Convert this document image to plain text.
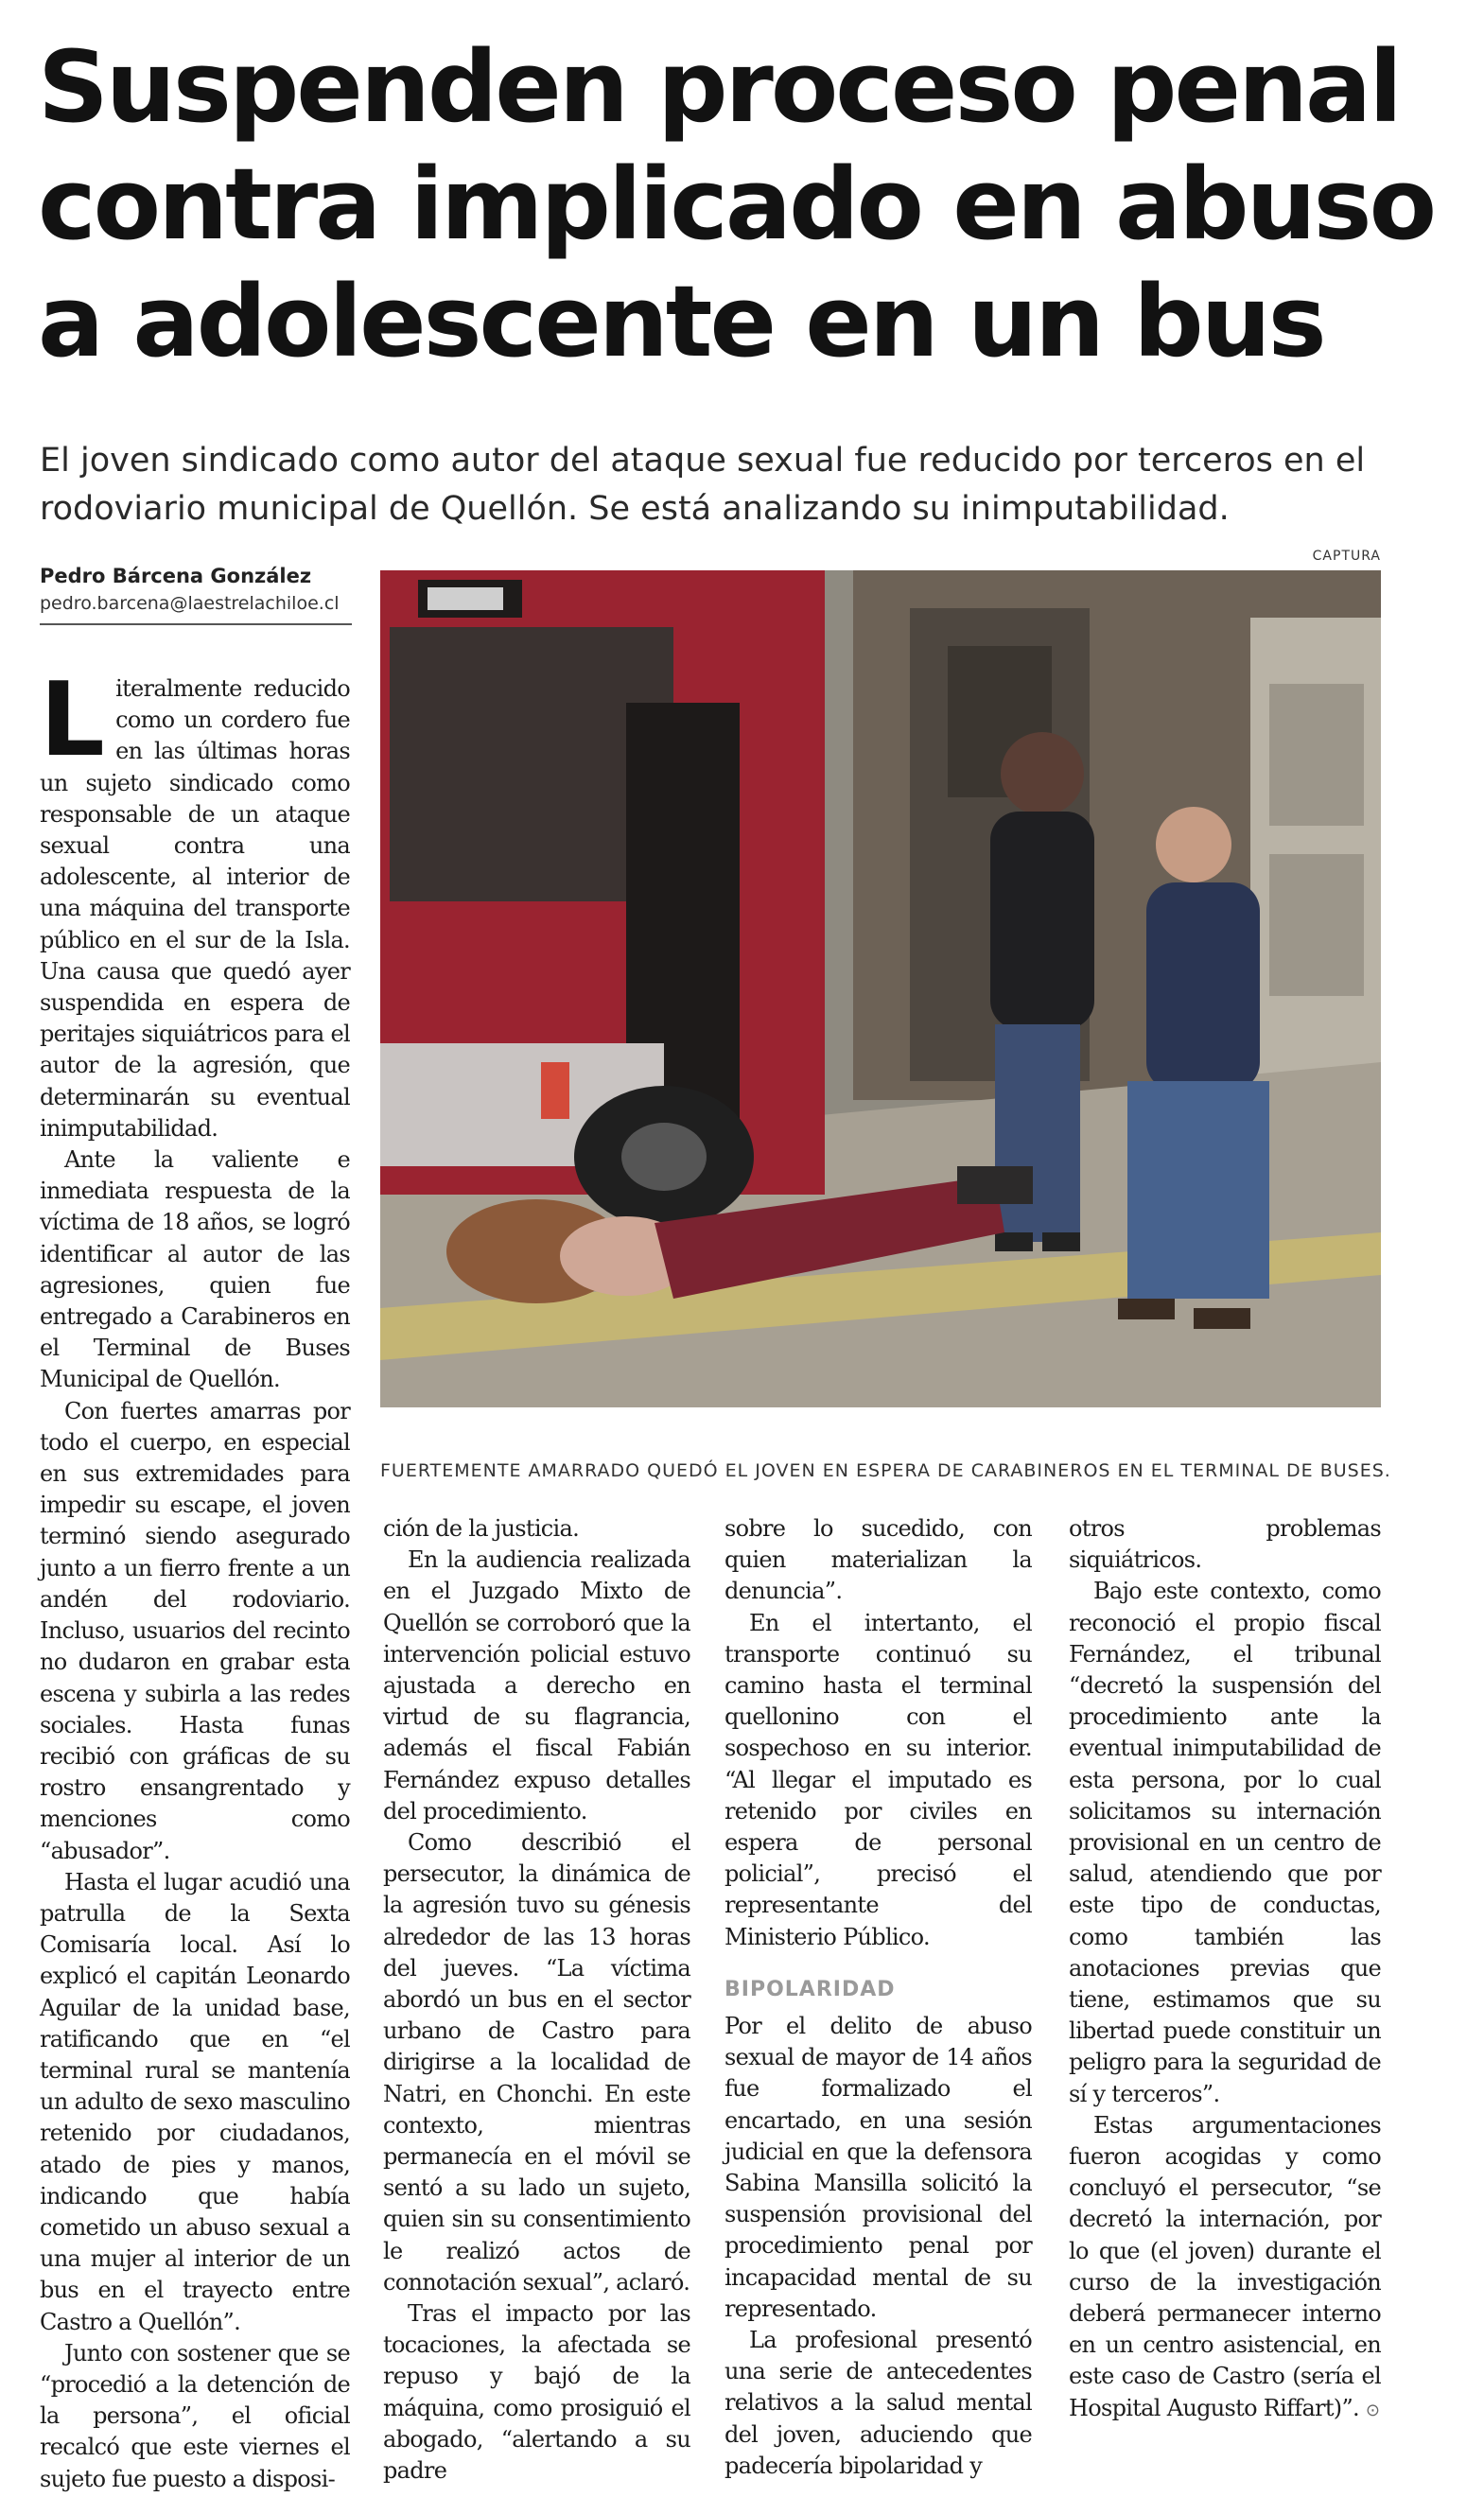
Suspenden proceso penal
contra implicado en abuso
a adolescente en un bus
El joven sindicado como autor del ataque sexual fue reducido por terceros en el rodoviario municipal de Quellón. Se está analizando su inimputabilidad.
Pedro Bárcena González
pedro.barcena@laestrelachiloe.cl
CAPTURA
FUERTEMENTE AMARRADO QUEDÓ EL JOVEN EN ESPERA DE CARABINEROS EN EL TERMINAL DE BUSES.

Literalmente reducido como un cordero fue en las últimas horas un sujeto sindicado como responsable de un ataque sexual contra una adolescente, al interior de una máquina del transporte público en el sur de la Isla. Una causa que quedó ayer suspendida en espera de peritajes siquiátricos para el autor de la agresión, que determinarán su eventual inimputabilidad.

Ante la valiente e inmediata respuesta de la víctima de 18 años, se logró identificar al autor de las agresiones, quien fue entregado a Carabineros en el Terminal de Buses Municipal de Quellón.

Con fuertes amarras por todo el cuerpo, en especial en sus extremidades para impedir su escape, el joven terminó siendo asegurado junto a un fierro frente a un andén del rodoviario. Incluso, usuarios del recinto no dudaron en grabar esta escena y subirla a las redes sociales. Hasta funas recibió con gráficas de su rostro ensangrentado y menciones como “abusador”.

Hasta el lugar acudió una patrulla de la Sexta Comisaría local. Así lo explicó el capitán Leonardo Aguilar de la unidad base, ratificando que en “el terminal rural se mantenía un adulto de sexo masculino retenido por ciudadanos, atado de pies y manos, indicando que había cometido un abuso sexual a una mujer al interior de un bus en el trayecto entre Castro a Quellón”.

Junto con sostener que se “procedió a la detención de la persona”, el oficial recalcó que este viernes el sujeto fue puesto a disposi-

ción de la justicia.

En la audiencia realizada en el Juzgado Mixto de Quellón se corroboró que la intervención policial estuvo ajustada a derecho en virtud de su flagrancia, además el fiscal Fabián Fernández expuso detalles del procedimiento.

Como describió el persecutor, la dinámica de la agresión tuvo su génesis alrededor de las 13 horas del jueves. “La víctima abordó un bus en el sector urbano de Castro para dirigirse a la localidad de Natri, en Chonchi. En este contexto, mientras permanecía en el móvil se sentó a su lado un sujeto, quien sin su consentimiento le realizó actos de connotación sexual”, aclaró.

Tras el impacto por las tocaciones, la afectada se repuso y bajó de la máquina, como prosiguió el abogado, “alertando a su padre

sobre lo sucedido, con quien materializan la denuncia”.

En el intertanto, el transporte continuó su camino hasta el terminal quellonino con el sospechoso en su interior. “Al llegar el imputado es retenido por civiles en espera de personal policial”, precisó el representante del Ministerio Público.

BIPOLARIDAD

Por el delito de abuso sexual de mayor de 14 años fue formalizado el encartado, en una sesión judicial en que la defensora Sabina Mansilla solicitó la suspensión provisional del procedimiento penal por incapacidad mental de su representado.

La profesional presentó una serie de antecedentes relativos a la salud mental del joven, aduciendo que padecería bipolaridad y

otros problemas siquiátricos.

Bajo este contexto, como reconoció el propio fiscal Fernández, el tribunal “decretó la suspensión del procedimiento ante la eventual inimputabilidad de esta persona, por lo cual solicitamos su internación provisional en un centro de salud, atendiendo que por este tipo de conductas, como también las anotaciones previas que tiene, estimamos que su libertad puede constituir un peligro para la seguridad de sí y terceros”.

Estas argumentaciones fueron acogidas y como concluyó el persecutor, “se decretó la internación, por lo que (el joven) durante el curso de la investigación deberá permanecer interno en un centro asistencial, en este caso de Castro (sería el Hospital Augusto Riffart)”. ⊙
